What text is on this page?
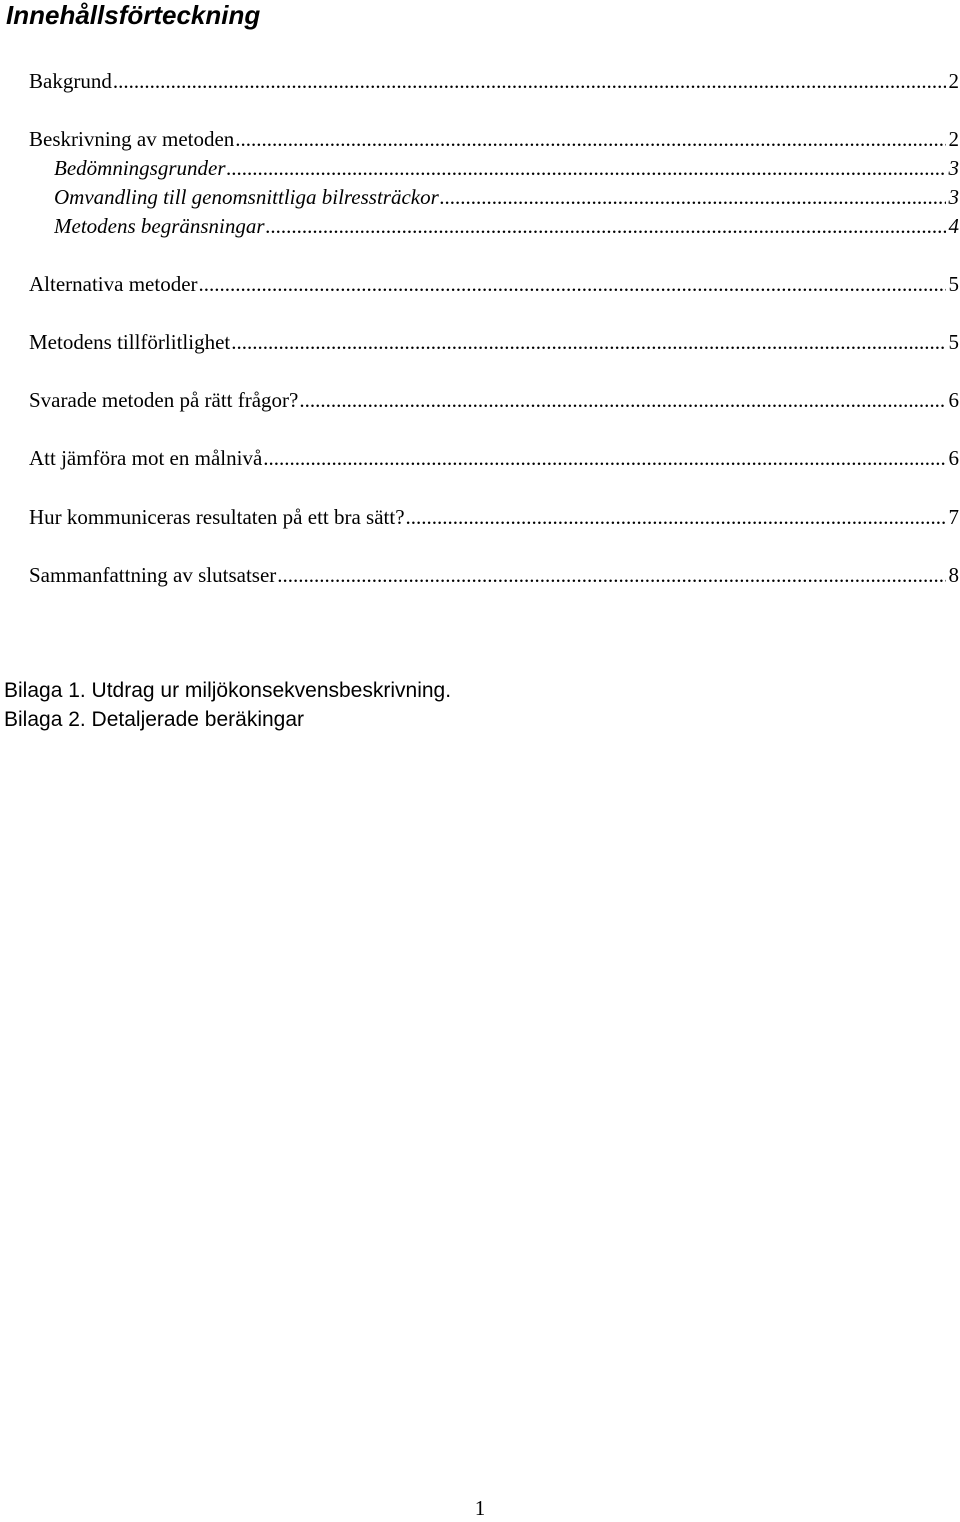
Innehållsförteckning
Bakgrund .....	2
Beskrivning av metoden .....	2
Bedömningsgrunder .....	3
Omvandling till genomsnittliga bilressträckor .....	3
Metodens begränsningar .....	4
Alternativa metoder .....	5
Metodens tillförlitlighet .....	5
Svarade metoden på rätt frågor? .....	6
Att jämföra mot en målnivå .....	6
Hur kommuniceras resultaten på ett bra sätt? .....	7
Sammanfattning av slutsatser .....	8
Bilaga 1. Utdrag ur miljökonsekvensbeskrivning.
Bilaga 2. Detaljerade beräkingar
1
